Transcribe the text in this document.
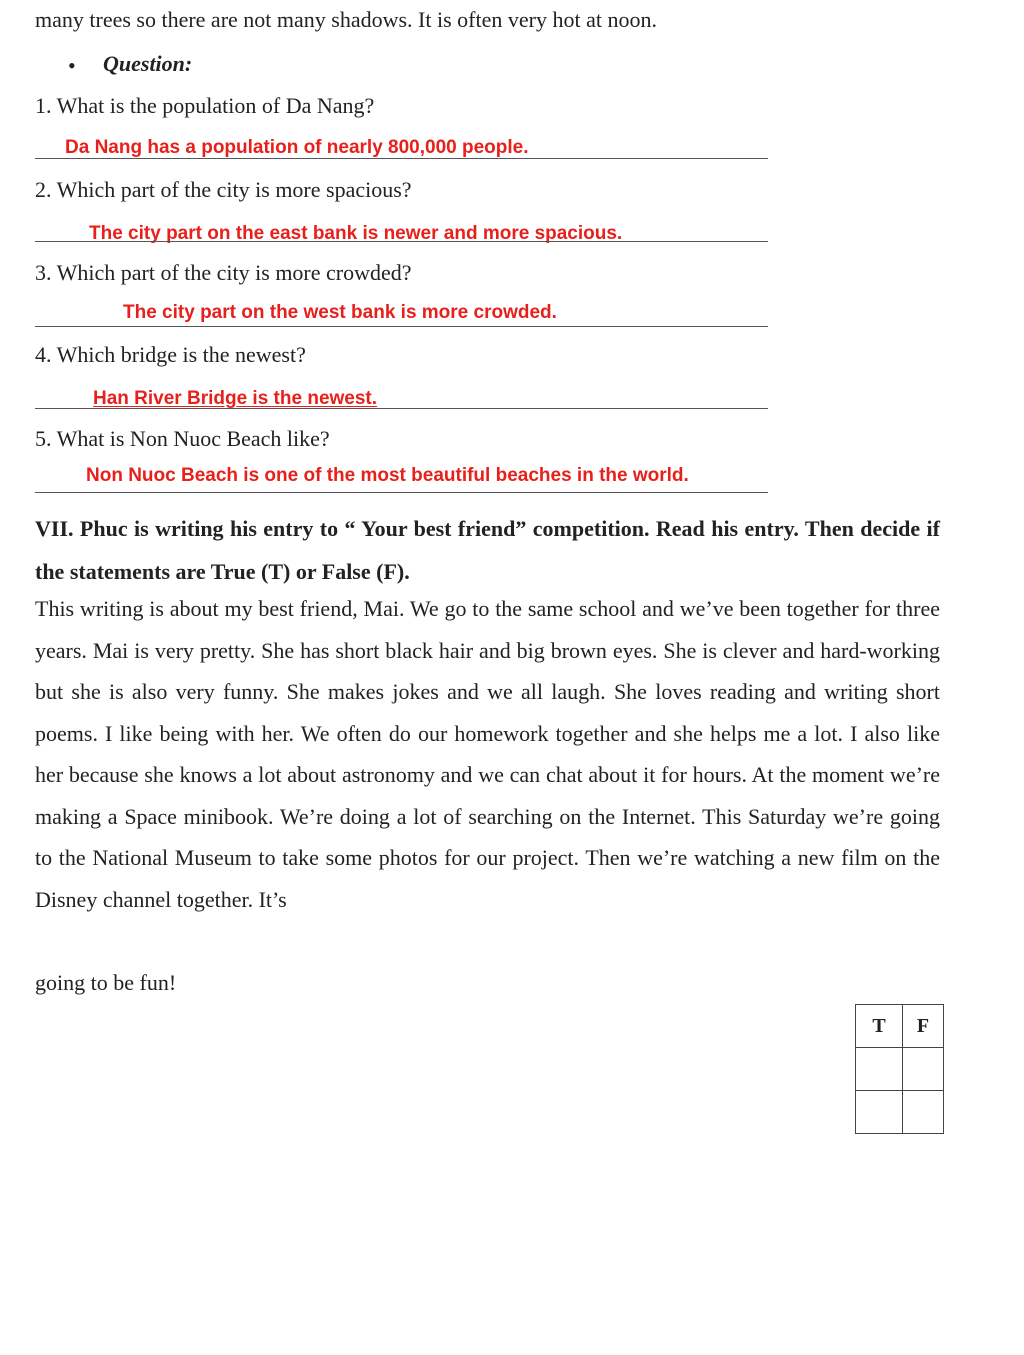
many trees so there are not many shadows. It is often very hot at noon.
• Question:
1. What is the population of Da Nang?
Da Nang has a population of nearly 800,000 people.
2. Which part of the city is more spacious?
The city part on the east bank is newer and more spacious.
3. Which part of the city is more crowded?
The city part on the west bank is more crowded.
4. Which bridge is the newest?
Han River Bridge is the newest.
5. What is Non Nuoc Beach like?
Non Nuoc Beach is one of the most beautiful beaches in the world.
VII. Phuc is writing his entry to “ Your best friend” competition. Read his entry. Then decide if the statements are True (T) or False (F).
This writing is about my best friend, Mai. We go to the same school and we’ve been together for three years. Mai is very pretty. She has short black hair and big brown eyes. She is clever and hard-working but she is also very funny. She makes jokes and we all laugh. She loves reading and writing short poems. I like being with her. We often do our homework together and she helps me a lot. I also like her because she knows a lot about astronomy and we can chat about it for hours. At the moment we’re making a Space minibook. We’re doing a lot of searching on the Internet. This Saturday we’re going to the National Museum to take some photos for our project. Then we’re watching a new film on the Disney channel together. It’s
going to be fun!
T	F
